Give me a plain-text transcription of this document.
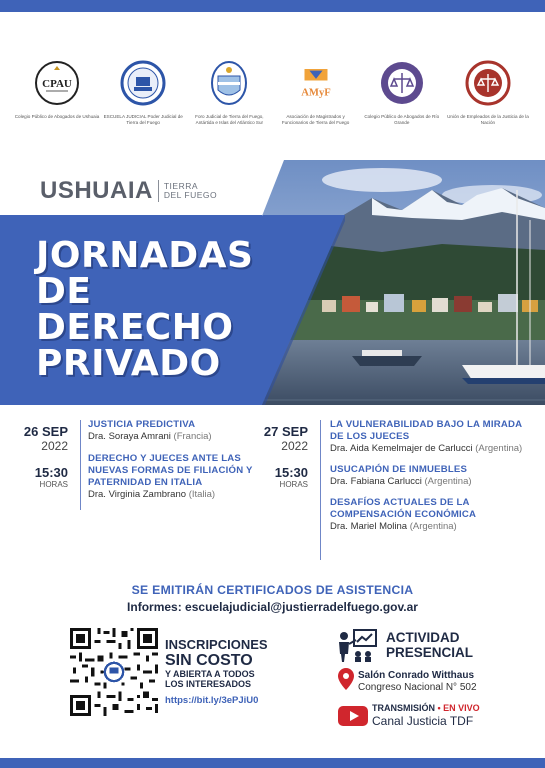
CPAU
Colegio Público de Abogados de Ushuaia ESCUELA JUDICIAL Poder Judicial de Tierra del Fuego
Foro Judicial de Tierra del Fuego, Antártida e Islas del Atlántico Sur
AMyF
Asociación de Magistrados y Funcionarios de Tierra del Fuego
Colegio Público de Abogados de Río Grande
Unión de Empleados de la Justicia de la Nación
USHUAIA TIERRA
DEL FUEGO
JORNADAS
DE
DERECHO
PRIVADO
26 SEP
2022
15:30
HORAS
JUSTICIA PREDICTIVA
Dra. Soraya Amrani (Francia)
DERECHO Y JUECES ANTE LAS NUEVAS FORMAS DE FILIACIÓN Y PATERNIDAD EN ITALIA
Dra. Virginia Zambrano (Italia)
27 SEP
2022
15:30
HORAS
LA VULNERABILIDAD BAJO LA MIRADA DE LOS JUECES
Dra. Aida Kemelmajer de Carlucci (Argentina)
USUCAPIÓN DE INMUEBLES
Dra. Fabiana Carlucci (Argentina)
DESAFÍOS ACTUALES DE LA COMPENSACIÓN ECONÓMICA
Dra. Mariel Molina (Argentina)
SE EMITIRÁN CERTIFICADOS DE ASISTENCIA
Informes: escuelajudicial@justierradelfuego.gov.ar
INSCRIPCIONES
SIN COSTO
Y ABIERTA A TODOS
LOS INTERESADOS
https://bit.ly/3ePJiU0
ACTIVIDAD
PRESENCIAL
Salón Conrado Witthaus
Congreso Nacional N° 502
TRANSMISIÓN • EN VIVO
Canal Justicia TDF
